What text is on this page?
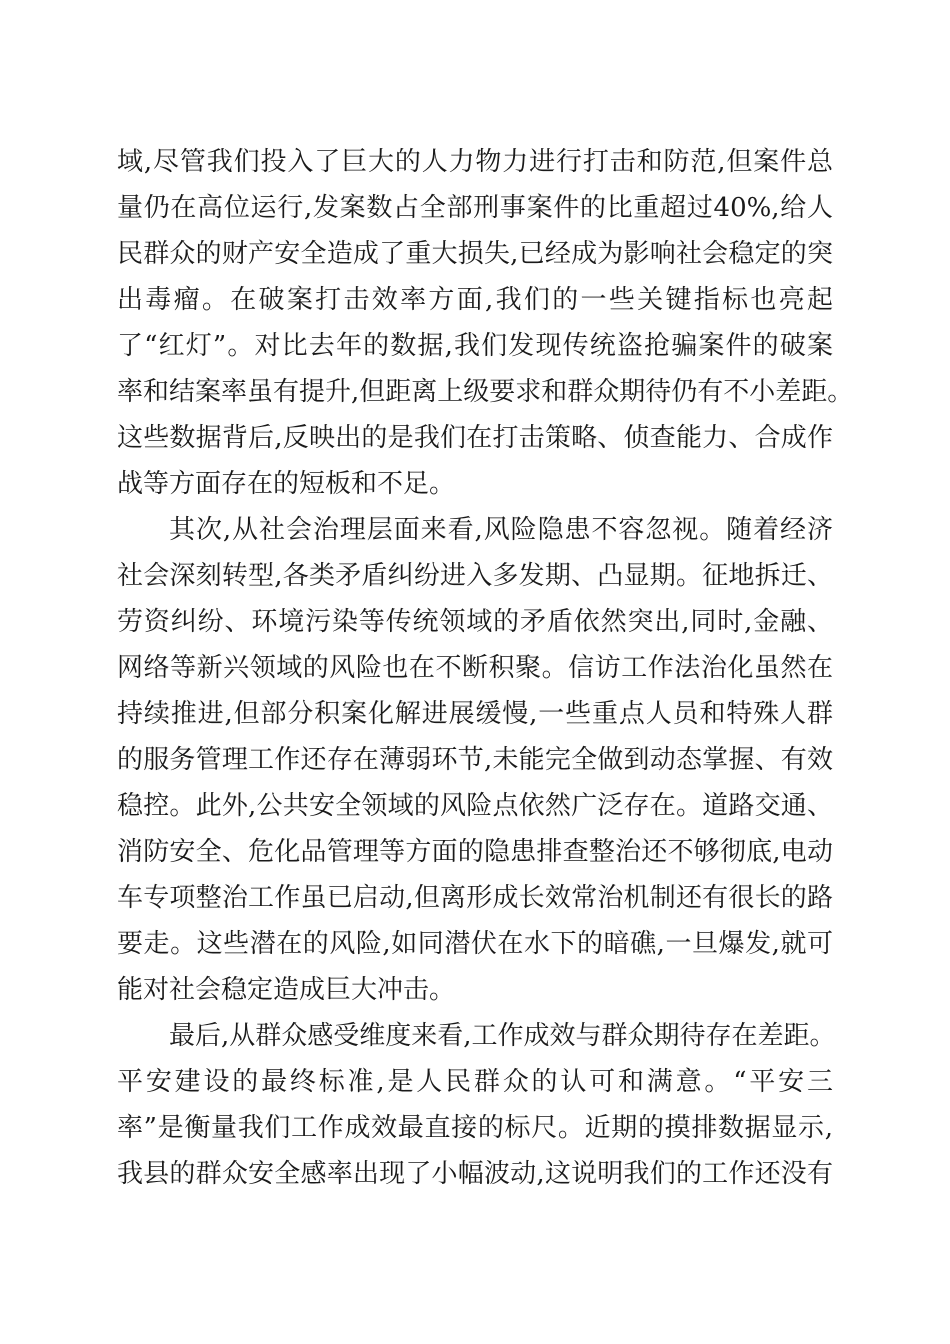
域,尽管我们投入了巨大的人力物力进行打击和防范,但案件总
量仍在高位运行,发案数占全部刑事案件的比重超过40%,给人
民群众的财产安全造成了重大损失,已经成为影响社会稳定的突
出毒瘤。在破案打击效率方面,我们的一些关键指标也亮起
了“红灯”。对比去年的数据,我们发现传统盗抢骗案件的破案
率和结案率虽有提升,但距离上级要求和群众期待仍有不小差距。
这些数据背后,反映出的是我们在打击策略、侦查能力、合成作
战等方面存在的短板和不足。
其次,从社会治理层面来看,风险隐患不容忽视。随着经济
社会深刻转型,各类矛盾纠纷进入多发期、凸显期。征地拆迁、
劳资纠纷、环境污染等传统领域的矛盾依然突出,同时,金融、
网络等新兴领域的风险也在不断积聚。信访工作法治化虽然在
持续推进,但部分积案化解进展缓慢,一些重点人员和特殊人群
的服务管理工作还存在薄弱环节,未能完全做到动态掌握、有效
稳控。此外,公共安全领域的风险点依然广泛存在。道路交通、
消防安全、危化品管理等方面的隐患排查整治还不够彻底,电动
车专项整治工作虽已启动,但离形成长效常治机制还有很长的路
要走。这些潜在的风险,如同潜伏在水下的暗礁,一旦爆发,就可
能对社会稳定造成巨大冲击。
最后,从群众感受维度来看,工作成效与群众期待存在差距。
平安建设的最终标准,是人民群众的认可和满意。“平安三
率”是衡量我们工作成效最直接的标尺。近期的摸排数据显示,
我县的群众安全感率出现了小幅波动,这说明我们的工作还没有
